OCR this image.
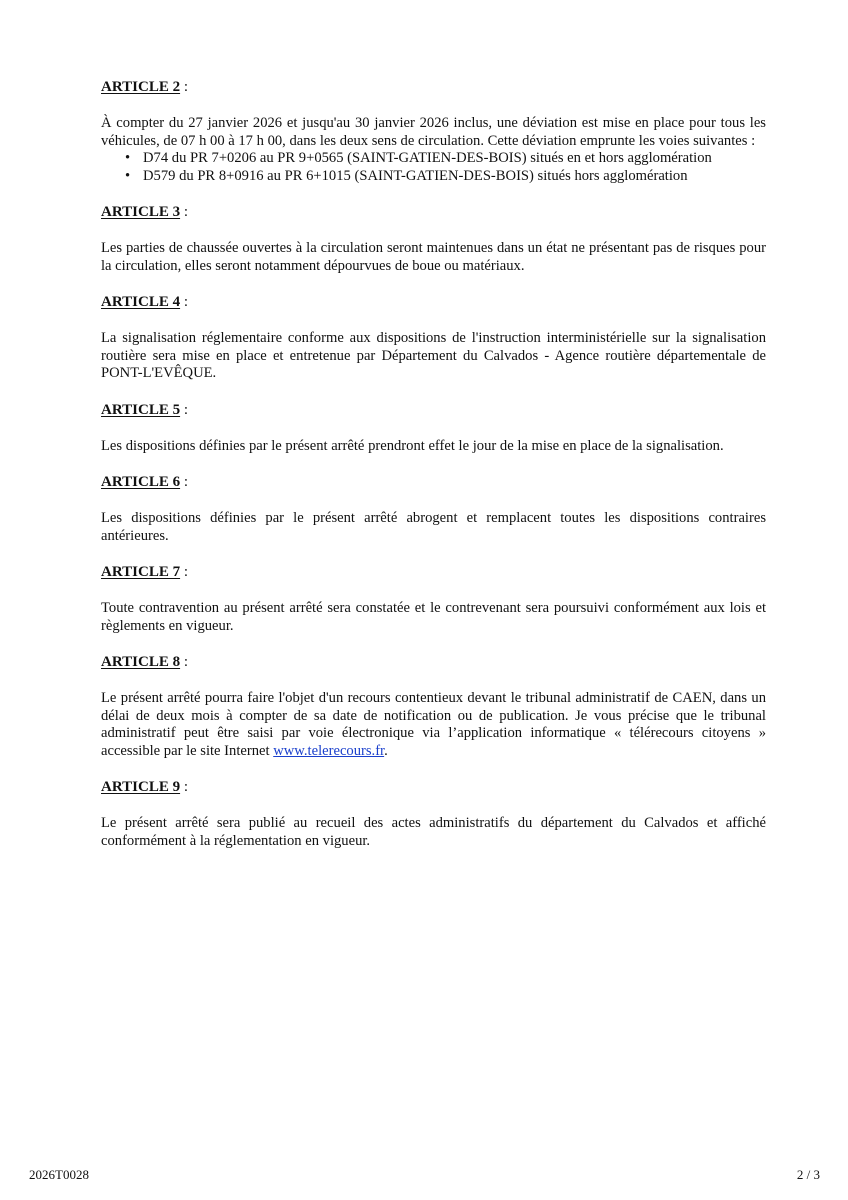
ARTICLE 2 :

À compter du 27 janvier 2026 et jusqu'au 30 janvier 2026 inclus, une déviation est mise en place pour tous les véhicules, de 07 h 00 à 17 h 00, dans les deux sens de circulation. Cette déviation emprunte les voies suivantes :

• D74 du PR 7+0206 au PR 9+0565 (SAINT-GATIEN-DES-BOIS) situés en et hors agglomération
• D579 du PR 8+0916 au PR 6+1015 (SAINT-GATIEN-DES-BOIS) situés hors agglomération

ARTICLE 3 :

Les parties de chaussée ouvertes à la circulation seront maintenues dans un état ne présentant pas de risques pour la circulation, elles seront notamment dépourvues de boue ou matériaux.

ARTICLE 4 :

La signalisation réglementaire conforme aux dispositions de l'instruction interministérielle sur la signalisation routière sera mise en place et entretenue par Département du Calvados - Agence routière départementale de PONT-L'EVÊQUE.

ARTICLE 5 :

Les dispositions définies par le présent arrêté prendront effet le jour de la mise en place de la signalisation.

ARTICLE 6 :

Les dispositions définies par le présent arrêté abrogent et remplacent toutes les dispositions contraires antérieures.

ARTICLE 7 :

Toute contravention au présent arrêté sera constatée et le contrevenant sera poursuivi conformément aux lois et règlements en vigueur.

ARTICLE 8 :

Le présent arrêté pourra faire l'objet d'un recours contentieux devant le tribunal administratif de CAEN, dans un délai de deux mois à compter de sa date de notification ou de publication. Je vous précise que le tribunal administratif peut être saisi par voie électronique via l’application informatique « télérecours citoyens » accessible par le site Internet www.telerecours.fr.

ARTICLE 9 :

Le présent arrêté sera publié au recueil des actes administratifs du département du Calvados et affiché conformément à la réglementation en vigueur.

2026T0028	2 / 3
